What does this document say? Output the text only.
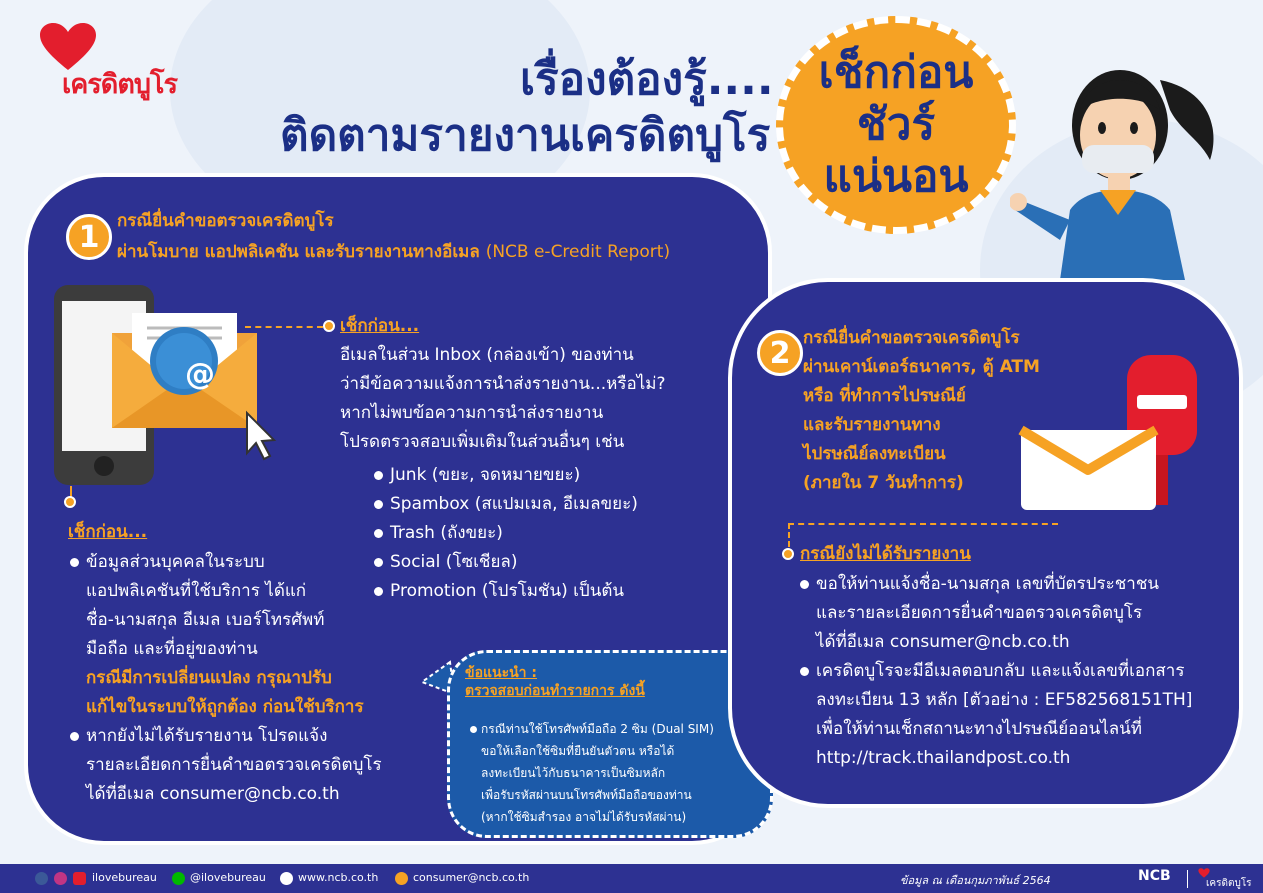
เครดิตบูโร	เรื่องต้องรู้....
ติดตามรายงานเครดิตบูโร
เช็กก่อน
ชัวร์
แน่นอน
1	กรณียื่นคำขอตรวจเครดิตบูโร
ผ่านโมบาย แอปพลิเคชัน และรับรายงานทางอีเมล (NCB e-Credit Report)
@
เช็กก่อน...
อีเมลในส่วน Inbox (กล่องเข้า) ของท่าน
ว่ามีข้อความแจ้งการนำส่งรายงาน...หรือไม่?
หากไม่พบข้อความการนำส่งรายงาน
โปรดตรวจสอบเพิ่มเติมในส่วนอื่นๆ เช่น
Junk (ขยะ, จดหมายขยะ)
Spambox (สแปมเมล, อีเมลขยะ)
Trash (ถังขยะ)
Social (โซเชียล)
Promotion (โปรโมชัน) เป็นต้น
เช็กก่อน...
ข้อมูลส่วนบุคคลในระบบ
แอปพลิเคชันที่ใช้บริการ ได้แก่
ชื่อ-นามสกุล อีเมล เบอร์โทรศัพท์
มือถือ และที่อยู่ของท่าน
กรณีมีการเปลี่ยนแปลง กรุณาปรับ
แก้ไขในระบบให้ถูกต้อง ก่อนใช้บริการ
หากยังไม่ได้รับรายงาน โปรดแจ้ง
รายละเอียดการยื่นคำขอตรวจเครดิตบูโร
ได้ที่อีเมล consumer@ncb.co.th
ข้อแนะนำ :
ตรวจสอบก่อนทำรายการ ดังนี้
กรณีท่านใช้โทรศัพท์มือถือ 2 ซิม (Dual SIM)
ขอให้เลือกใช้ซิมที่ยืนยันตัวตน หรือได้
ลงทะเบียนไว้กับธนาคารเป็นซิมหลัก
เพื่อรับรหัสผ่านบนโทรศัพท์มือถือของท่าน
(หากใช้ซิมสำรอง อาจไม่ได้รับรหัสผ่าน)
2 กรณียื่นคำขอตรวจเครดิตบูโร
ผ่านเคาน์เตอร์ธนาคาร, ตู้ ATM
หรือ ที่ทำการไปรษณีย์
และรับรายงานทาง
ไปรษณีย์ลงทะเบียน
(ภายใน 7 วันทำการ)
กรณียังไม่ได้รับรายงาน
ขอให้ท่านแจ้งชื่อ-นามสกุล เลขที่บัตรประชาชน
และรายละเอียดการยื่นคำขอตรวจเครดิตบูโร
ได้ที่อีเมล consumer@ncb.co.th
เครดิตบูโรจะมีอีเมลตอบกลับ และแจ้งเลขที่เอกสาร
ลงทะเบียน 13 หลัก [ตัวอย่าง : EF582568151TH]
เพื่อให้ท่านเช็กสถานะทางไปรษณีย์ออนไลน์ที่
http://track.thailandpost.co.th
ilovebureau	@ilovebureau	www.ncb.co.th	consumer@ncb.co.th	ข้อมูล ณ เดือนกุมภาพันธ์ 2564	NCB	เครดิตบูโร
